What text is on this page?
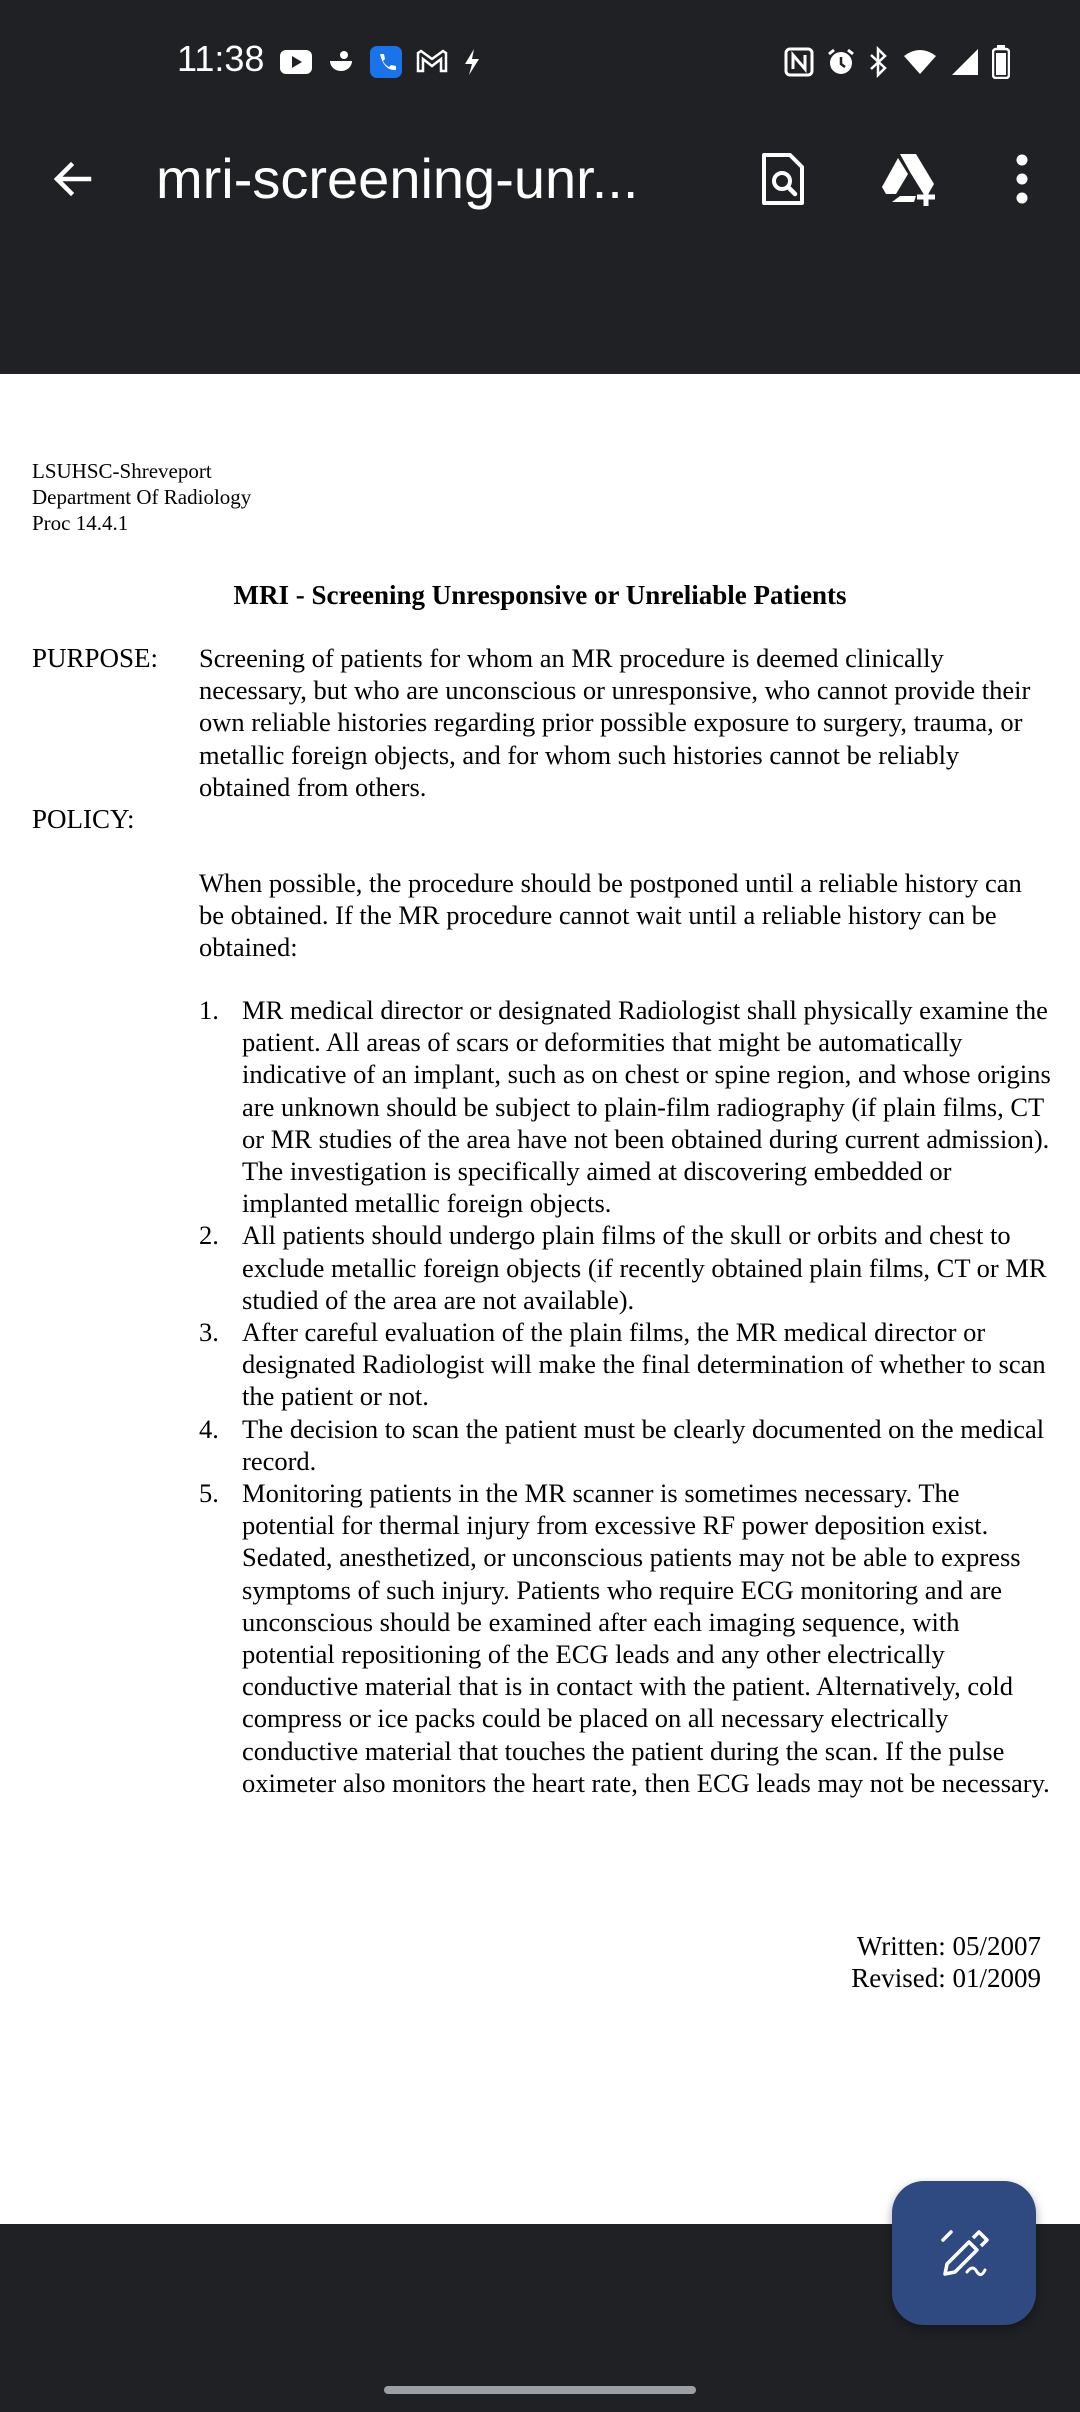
11:38
mri-screening-unr...
LSUHSC-Shreveport
Department Of Radiology
Proc 14.4.1
MRI - Screening Unresponsive or Unreliable Patients
PURPOSE: Screening of patients for whom an MR procedure is deemed clinically necessary, but who are unconscious or unresponsive, who cannot provide their own reliable histories regarding prior possible exposure to surgery, trauma, or metallic foreign objects, and for whom such histories cannot be reliably obtained from others.
POLICY:
When possible, the procedure should be postponed until a reliable history can be obtained. If the MR procedure cannot wait until a reliable history can be obtained:
1. MR medical director or designated Radiologist shall physically examine the patient. All areas of scars or deformities that might be automatically indicative of an implant, such as on chest or spine region, and whose origins are unknown should be subject to plain-film radiography (if plain films, CT or MR studies of the area have not been obtained during current admission). The investigation is specifically aimed at discovering embedded or implanted metallic foreign objects.
2. All patients should undergo plain films of the skull or orbits and chest to exclude metallic foreign objects (if recently obtained plain films, CT or MR studied of the area are not available).
3. After careful evaluation of the plain films, the MR medical director or designated Radiologist will make the final determination of whether to scan the patient or not.
4. The decision to scan the patient must be clearly documented on the medical record.
5. Monitoring patients in the MR scanner is sometimes necessary. The potential for thermal injury from excessive RF power deposition exist. Sedated, anesthetized, or unconscious patients may not be able to express symptoms of such injury. Patients who require ECG monitoring and are unconscious should be examined after each imaging sequence, with potential repositioning of the ECG leads and any other electrically conductive material that is in contact with the patient. Alternatively, cold compress or ice packs could be placed on all necessary electrically conductive material that touches the patient during the scan. If the pulse oximeter also monitors the heart rate, then ECG leads may not be necessary.
Written: 05/2007
Revised: 01/2009
